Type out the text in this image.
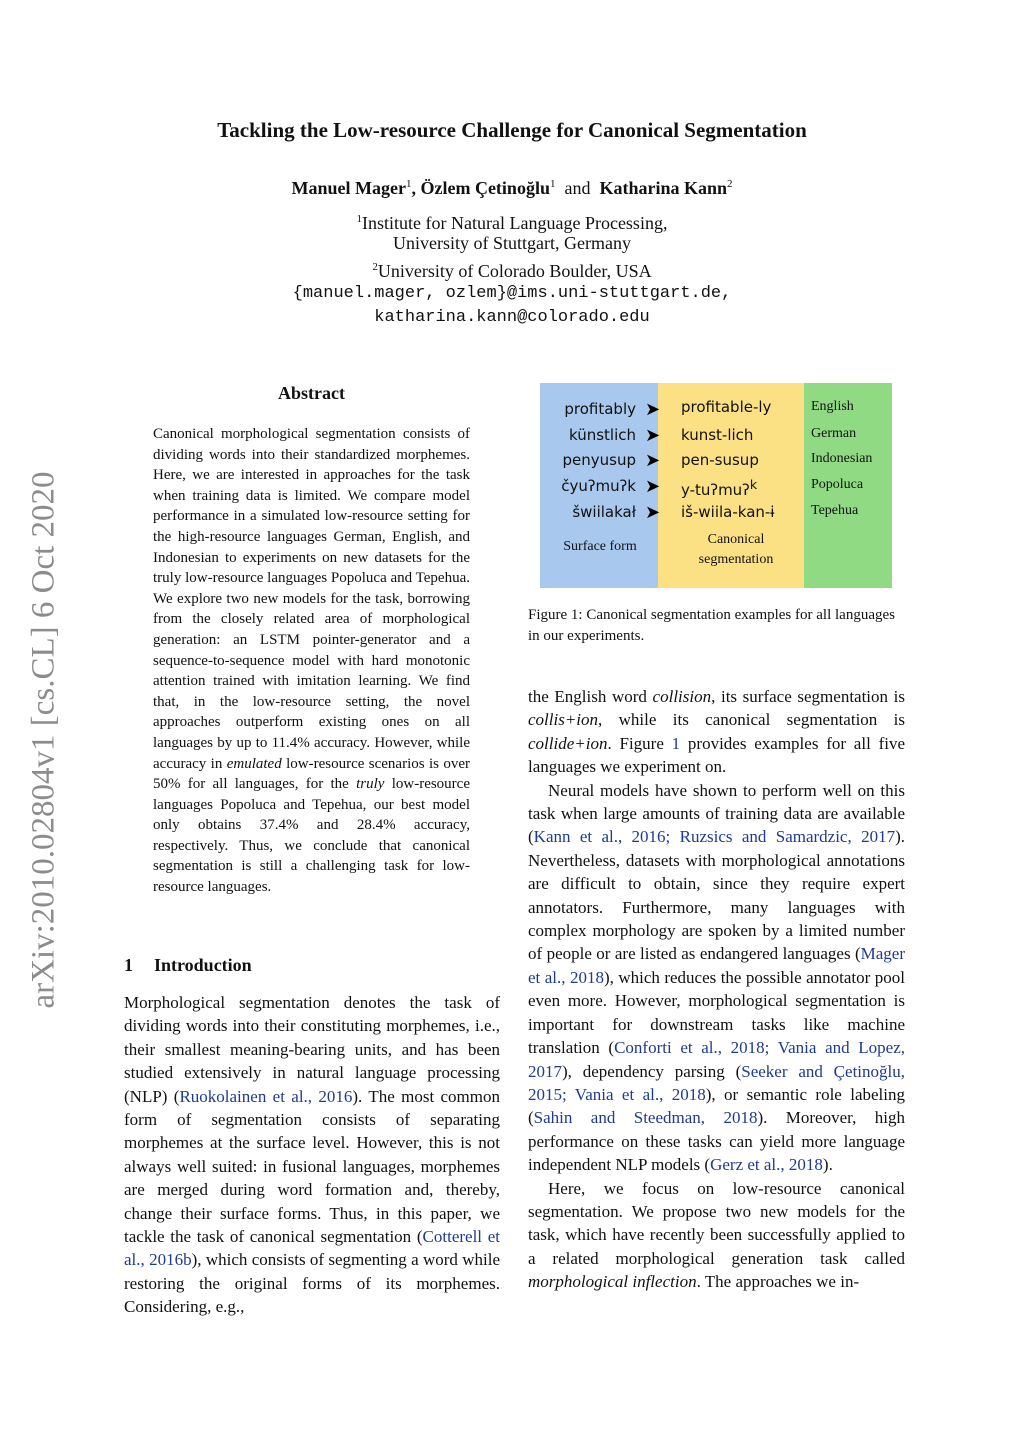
arXiv:2010.02804v1 [cs.CL] 6 Oct 2020
Tackling the Low-resource Challenge for Canonical Segmentation
Manuel Mager$^1$, Özlem Çetinoğlu$^1$ and Katharina Kann$^2$
$^1$Institute for Natural Language Processing,
University of Stuttgart, Germany
$^2$University of Colorado Boulder, USA
{manuel.mager, ozlem}@ims.uni-stuttgart.de,
katharina.kann@colorado.edu
Abstract
Canonical morphological segmentation consists of dividing words into their standardized morphemes. Here, we are interested in approaches for the task when training data is limited. We compare model performance in a simulated low-resource setting for the high-resource languages German, English, and Indonesian to experiments on new datasets for the truly low-resource languages Popoluca and Tepehua. We explore two new models for the task, borrowing from the closely related area of morphological generation: an LSTM pointer-generator and a sequence-to-sequence model with hard monotonic attention trained with imitation learning. We find that, in the low-resource setting, the novel approaches outperform existing ones on all languages by up to 11.4% accuracy. However, while accuracy in emulated low-resource scenarios is over 50% for all languages, for the truly low-resource languages Popoluca and Tepehua, our best model only obtains 37.4% and 28.4% accuracy, respectively. Thus, we conclude that canonical segmentation is still a challenging task for low-resource languages.
1 Introduction

Morphological segmentation denotes the task of dividing words into their constituting morphemes, i.e., their smallest meaning-bearing units, and has been studied extensively in natural language processing (NLP) (Ruokolainen et al., 2016). The most common form of segmentation consists of separating morphemes at the surface level. However, this is not always well suited: in fusional languages, morphemes are merged during word formation and, thereby, change their surface forms. Thus, in this paper, we tackle the task of canonical segmentation (Cotterell et al., 2016b), which consists of segmenting a word while restoring the original forms of its morphemes. Considering, e.g.,

profitably ➤ profitable-ly	English
künstlich ➤ kunst-lich	German
penyusup ➤ pen-susup	Indonesian
čyuʔmuʔk ➤ y-tuʔmuʔ$^k$	Popoluca
šwiilakał ➤ iš-wiila-kan-ɨ	Tepehua
Surface form	Canonical
segmentation
Figure 1: Canonical segmentation examples for all languages in our experiments.

the English word collision, its surface segmentation is collis+ion, while its canonical segmentation is collide+ion. Figure 1 provides examples for all five languages we experiment on.

Neural models have shown to perform well on this task when large amounts of training data are available (Kann et al., 2016; Ruzsics and Samardzic, 2017). Nevertheless, datasets with morphological annotations are difficult to obtain, since they require expert annotators. Furthermore, many languages with complex morphology are spoken by a limited number of people or are listed as endangered languages (Mager et al., 2018), which reduces the possible annotator pool even more. However, morphological segmentation is important for downstream tasks like machine translation (Conforti et al., 2018; Vania and Lopez, 2017), dependency parsing (Seeker and Çetinoğlu, 2015; Vania et al., 2018), or semantic role labeling (Sahin and Steedman, 2018). Moreover, high performance on these tasks can yield more language independent NLP models (Gerz et al., 2018).

Here, we focus on low-resource canonical segmentation. We propose two new models for the task, which have recently been successfully applied to a related morphological generation task called morphological inflection. The approaches we in-
